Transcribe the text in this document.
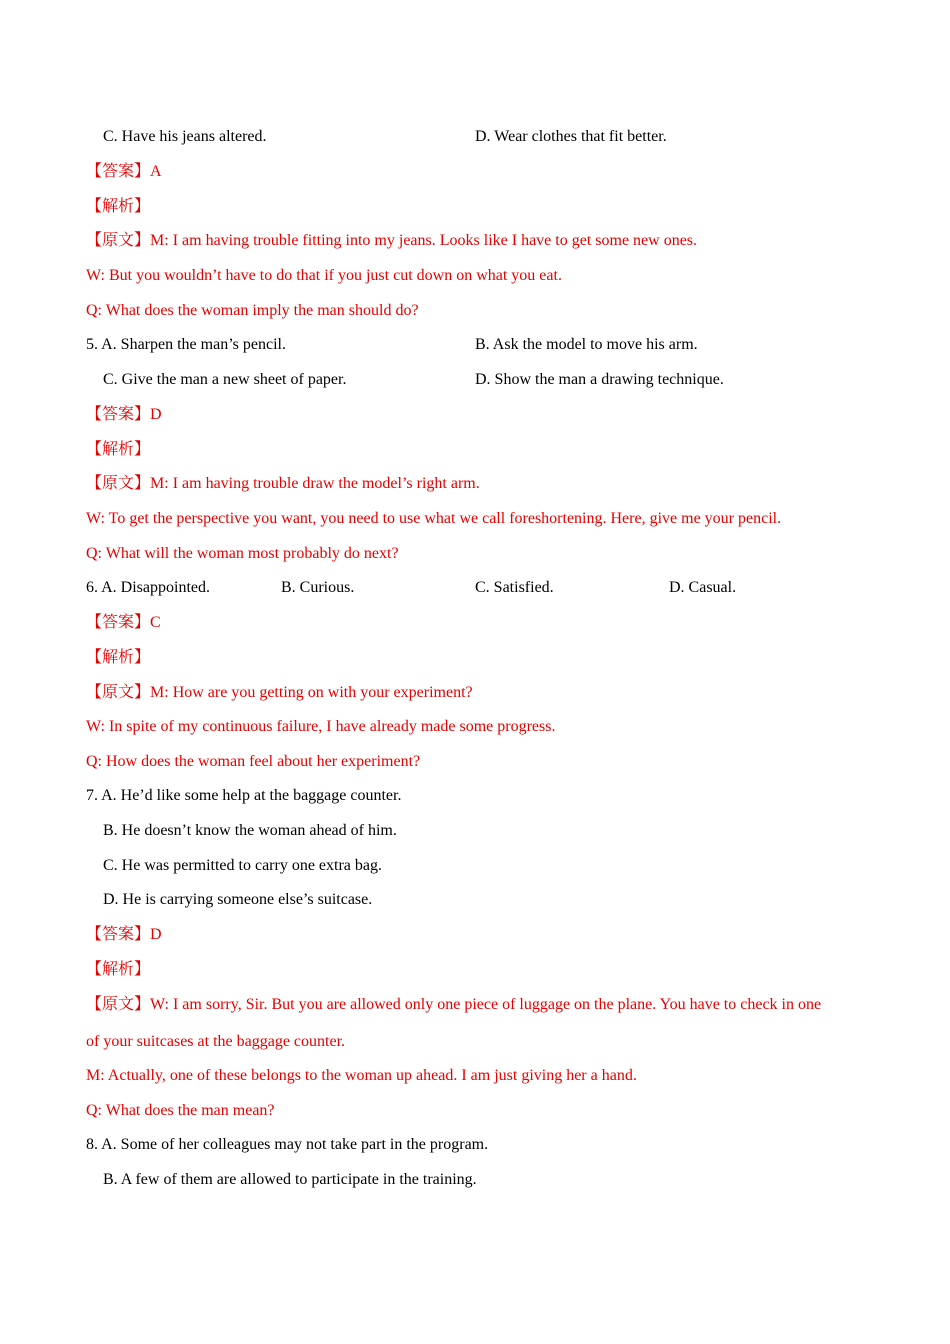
C. Have his jeans altered.	D. Wear clothes that fit better.
【答案】A
【解析】
【原文】M: I am having trouble fitting into my jeans. Looks like I have to get some new ones.
W: But you wouldn’t have to do that if you just cut down on what you eat.
Q: What does the woman imply the man should do?
5. A. Sharpen the man’s pencil.	B. Ask the model to move his arm.
C. Give the man a new sheet of paper.	D. Show the man a drawing technique.
【答案】D
【解析】
【原文】M: I am having trouble draw the model’s right arm.
W: To get the perspective you want, you need to use what we call foreshortening. Here, give me your pencil.
Q: What will the woman most probably do next?
6. A. Disappointed.	B. Curious.	C. Satisfied.	D. Casual.
【答案】C
【解析】
【原文】M: How are you getting on with your experiment?
W: In spite of my continuous failure, I have already made some progress.
Q: How does the woman feel about her experiment?
7. A. He’d like some help at the baggage counter.
B. He doesn’t know the woman ahead of him.
C. He was permitted to carry one extra bag.
D. He is carrying someone else’s suitcase.
【答案】D
【解析】
【原文】W: I am sorry, Sir. But you are allowed only one piece of luggage on the plane. You have to check in one
of your suitcases at the baggage counter.
M: Actually, one of these belongs to the woman up ahead. I am just giving her a hand.
Q: What does the man mean?
8. A. Some of her colleagues may not take part in the program.
B. A few of them are allowed to participate in the training.
